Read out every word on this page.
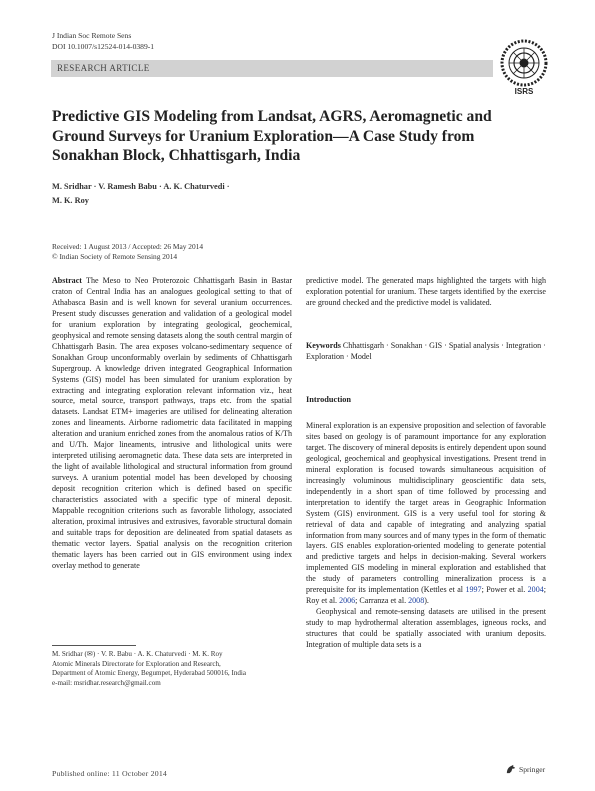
J Indian Soc Remote Sens
DOI 10.1007/s12524-014-0389-1
RESEARCH ARTICLE
ISRS
Predictive GIS Modeling from Landsat, AGRS, Aeromagnetic and Ground Surveys for Uranium Exploration—A Case Study from Sonakhan Block, Chhattisgarh, India
M. Sridhar · V. Ramesh Babu · A. K. Chaturvedi ·
M. K. Roy
Received: 1 August 2013 / Accepted: 26 May 2014
© Indian Society of Remote Sensing 2014

Abstract The Meso to Neo Proterozoic Chhattisgarh Basin in Bastar craton of Central India has an analogues geological setting to that of Athabasca Basin and is well known for several uranium occurrences. Present study discusses generation and validation of a geological model for uranium exploration by integrating geological, geochemical, geophysical and remote sensing datasets along the south central margin of Chhattisgarh Basin. The area exposes volcano-sedimentary sequence of Sonakhan Group unconformably overlain by sediments of Chhattisgarh Supergroup. A knowledge driven integrated Geographical Information Systems (GIS) model has been simulated for uranium exploration by extracting and integrating exploration relevant information viz., heat source, metal source, transport pathways, traps etc. from the spatial datasets. Landsat ETM+ imageries are utilised for delineating alteration zones and lineaments. Airborne radiometric data facilitated in mapping alteration and uranium enriched zones from the anomalous ratios of K/Th and U/Th. Major lineaments, intrusive and lithological units were interpreted utilising aeromagnetic data. These data sets are interpreted in the light of available lithological and structural information from ground surveys. A uranium potential model has been developed by choosing deposit recognition criterion which is defined based on specific characteristics associated with a specific type of mineral deposit. Mappable recognition criterions such as favorable lithology, associated alteration, proximal intrusives and extrusives, favorable structural domain and suitable traps for deposition are delineated from spatial datasets as thematic vector layers. Spatial analysis on the recognition criterion thematic layers has been carried out in GIS environment using index overlay method to generate

predictive model. The generated maps highlighted the targets with high exploration potential for uranium. These targets identified by the exercise are ground checked and the predictive model is validated.

Keywords Chhattisgarh · Sonakhan · GIS · Spatial analysis · Integration · Exploration · Model
Introduction

Mineral exploration is an expensive proposition and selection of favorable sites based on geology is of paramount importance for any exploration target. The discovery of mineral deposits is entirely dependent upon sound geological, geochemical and geophysical investigations. Present trend in mineral exploration is focused towards simultaneous acquisition of increasingly voluminous multidisciplinary geoscientific data sets, independently in a short span of time followed by processing and interpretation to identify the target areas in Geographic Information System (GIS) environment. GIS is a very useful tool for storing & retrieval of data and capable of integrating and analyzing spatial information from many sources and of many types in the form of thematic layers. GIS enables exploration-oriented modeling to generate potential and predictive targets and helps in decision-making. Several workers implemented GIS modeling in mineral exploration and established that the study of parameters controlling mineralization process is a prerequisite for its implementation (Kettles et al 1997; Power et al. 2004; Roy et al. 2006; Carranza et al. 2008).

Geophysical and remote-sensing datasets are utilised in the present study to map hydrothermal alteration assemblages, igneous rocks, and structures that could be spatially associated with uranium deposits. Integration of multiple data sets is a

M. Sridhar (✉) · V. R. Babu · A. K. Chaturvedi · M. K. Roy
Atomic Minerals Directorate for Exploration and Research,
Department of Atomic Energy, Begumpet, Hyderabad 500016, India
e-mail: msridhar.research@gmail.com
Published online: 11 October 2014	Springer
